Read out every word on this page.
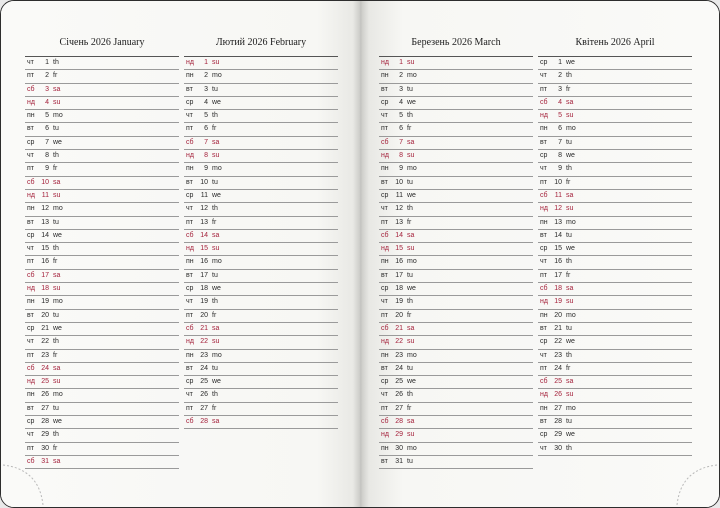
Січень 2026 January
чт	1 th
пт	2 fr
сб	3 sa
нд	4 su
пн	5 mo
вт	6 tu
ср	7 we
чт	8 th
пт	9 fr
сб 10 sa
нд 11 su
пн 12 mo
вт	13 tu
ср 14 we
чт	15 th
пт	16 fr
сб 17 sa
нд 18 su
пн 19 mo
вт	20 tu
ср 21 we
чт	22 th
пт	23 fr
сб 24 sa
нд 25 su
пн 26 mo
вт	27 tu
ср 28 we
чт	29 th
пт	30 fr
сб 31 sa
Лютий 2026 February
нд	1 su
пн	2 mo
вт	3 tu
ср	4 we
чт	5 th
пт	6 fr
сб	7 sa
нд	8 su
пн	9 mo
вт	10 tu
ср	11 we
чт	12 th
пт	13 fr
сб 14 sa
нд 15 su
пн 16 mo
вт	17 tu
ср 18 we
чт	19 th
пт	20 fr
сб 21 sa
нд 22 su
пн 23 mo
вт	24 tu
ср 25 we
чт	26 th
пт	27 fr
сб 28 sa
Березень 2026 March
нд	1 su
пн	2 mo
вт	3 tu
ср	4 we
чт	5 th
пт	6 fr
сб	7 sa
нд	8 su
пн	9 mo
вт	10 tu
ср	11 we
чт	12 th
пт	13 fr
сб 14 sa
нд 15 su
пн 16 mo
вт	17 tu
ср 18 we
чт	19 th
пт	20 fr
сб 21 sa
нд 22 su
пн 23 mo
вт	24 tu
ср 25 we
чт	26 th
пт	27 fr
сб 28 sa
нд 29 su
пн 30 mo
вт	31 tu
Квітень 2026 April
ср	1 we
чт	2 th
пт	3 fr
сб	4 sa
нд	5 su
пн	6 mo
вт	7 tu
ср	8 we
чт	9 th
пт	10 fr
сб	11 sa
нд 12 su
пн 13 mo
вт	14 tu
ср 15 we
чт	16 th
пт	17 fr
сб 18 sa
нд 19 su
пн 20 mo
вт	21 tu
ср 22 we
чт	23 th
пт	24 fr
сб 25 sa
нд 26 su
пн 27 mo
вт	28 tu
ср 29 we
чт	30 th
